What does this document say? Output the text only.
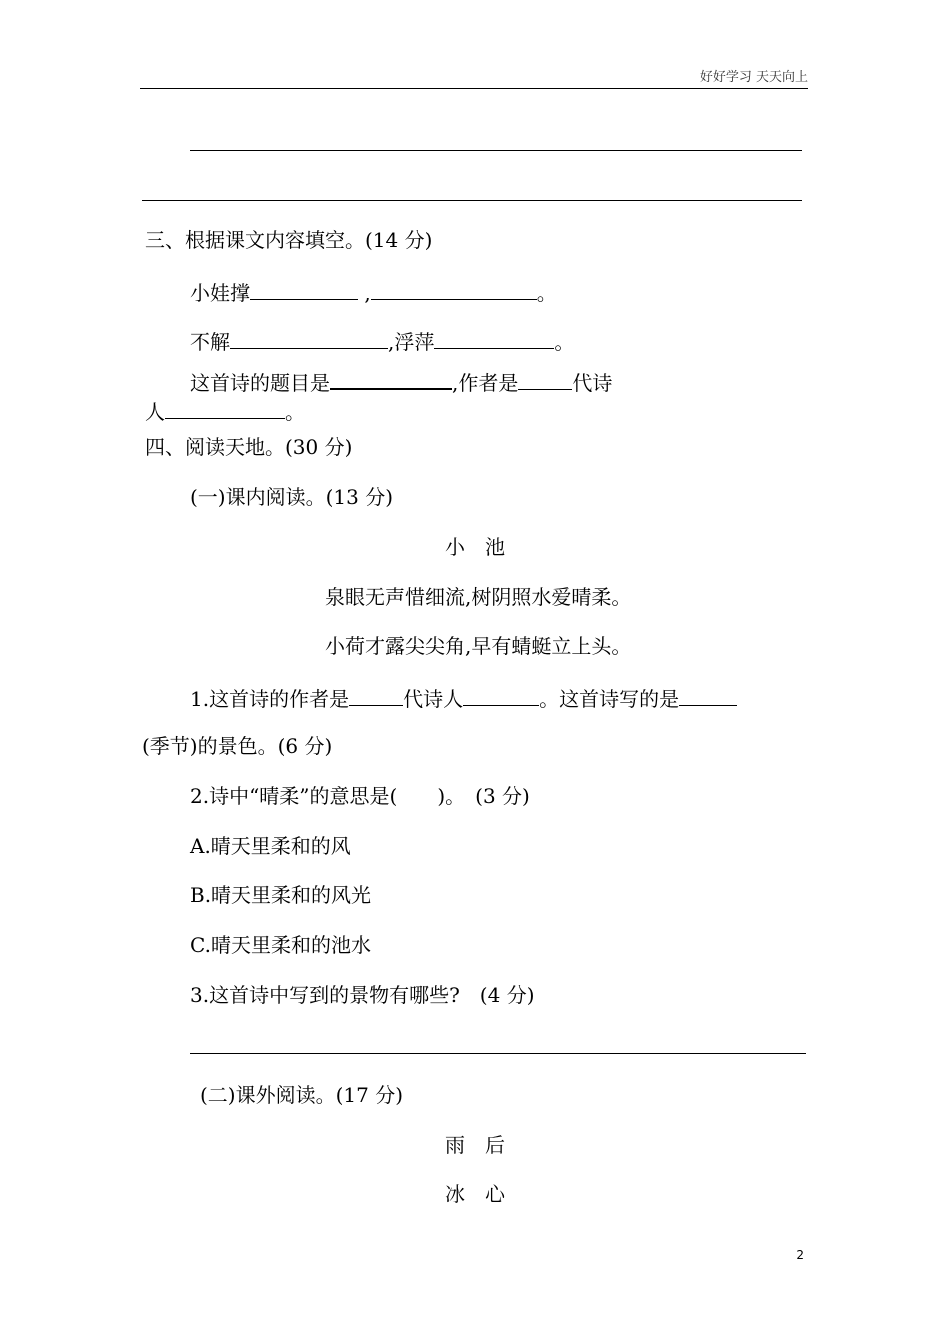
好好学习 天天向上
三、根据课文内容填空。(14 分)
小娃撑	,	。
不解	,浮萍	。
这首诗的题目是	,作者是	代诗
人	。
四、阅读天地。(30 分)
(一)课内阅读。(13 分)
小　池
泉眼无声惜细流,树阴照水爱晴柔。
小荷才露尖尖角,早有蜻蜓立上头。
1.这首诗的作者是	代诗人	。这首诗写的是
(季节)的景色。(6 分)
2.诗中“晴柔”的意思是(　　)。　(3 分)
A.晴天里柔和的风
B.晴天里柔和的风光
C.晴天里柔和的池水
3.这首诗中写到的景物有哪些?　(4 分)
(二)课外阅读。(17 分)
雨　后
冰　心
2
